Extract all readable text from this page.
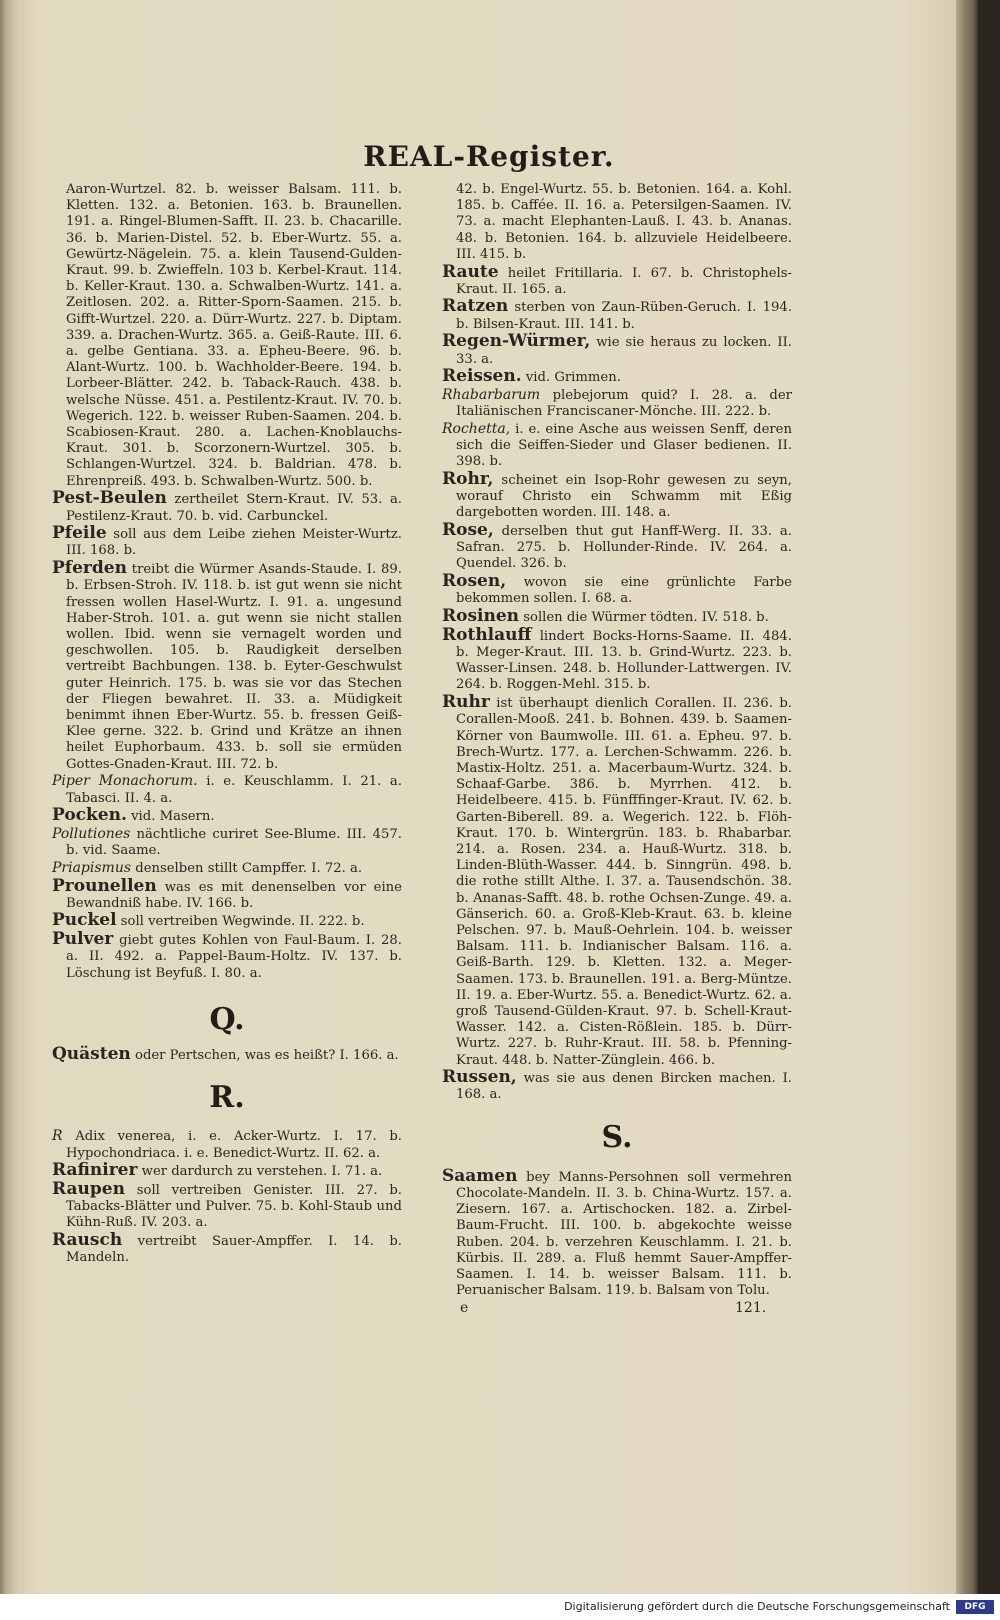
REAL-Register.
Aaron-Wurtzel. 82. b. weisser Balsam. 111. b. Kletten. 132. a. Betonien. 163. b. Braunellen. 191. a. Ringel-Blumen-Safft. II. 23. b. Chacarille. 36. b. Marien-Distel. 52. b. Eber-Wurtz. 55. a. Gewürtz-Nägelein. 75. a. klein Tausend-Gulden-Kraut. 99. b. Zwieffeln. 103 b. Kerbel-Kraut. 114. b. Keller-Kraut. 130. a. Schwalben-Wurtz. 141. a. Zeitlosen. 202. a. Ritter-Sporn-Saamen. 215. b. Gifft-Wurtzel. 220. a. Dürr-Wurtz. 227. b. Diptam. 339. a. Drachen-Wurtz. 365. a. Geiß-Raute. III. 6. a. gelbe Gentiana. 33. a. Epheu-Beere. 96. b. Alant-Wurtz. 100. b. Wachholder-Beere. 194. b. Lorbeer-Blätter. 242. b. Taback-Rauch. 438. b. welsche Nüsse. 451. a. Pestilentz-Kraut. IV. 70. b. Wegerich. 122. b. weisser Ruben-Saamen. 204. b. Scabiosen-Kraut. 280. a. Lachen-Knoblauchs-Kraut. 301. b. Scorzonern-Wurtzel. 305. b. Schlangen-Wurtzel. 324. b. Baldrian. 478. b. Ehrenpreiß. 493. b. Schwalben-Wurtz. 500. b.
Pest-Beulen zertheilet Stern-Kraut. IV. 53. a. Pestilenz-Kraut. 70. b. vid. Carbunckel.
Pfeile soll aus dem Leibe ziehen Meister-Wurtz. III. 168. b.
Pferden treibt die Würmer Asands-Staude. I. 89. b. Erbsen-Stroh. IV. 118. b. ist gut wenn sie nicht fressen wollen Hasel-Wurtz. I. 91. a. ungesund Haber-Stroh. 101. a. gut wenn sie nicht stallen wollen. Ibid. wenn sie vernagelt worden und geschwollen. 105. b. Raudigkeit derselben vertreibt Bachbungen. 138. b. Eyter-Geschwulst guter Heinrich. 175. b. was sie vor das Stechen der Fliegen bewahret. II. 33. a. Müdigkeit benimmt ihnen Eber-Wurtz. 55. b. fressen Geiß-Klee gerne. 322. b. Grind und Krätze an ihnen heilet Euphorbaum. 433. b. soll sie ermüden Gottes-Gnaden-Kraut. III. 72. b.
Piper Monachorum. i. e. Keuschlamm. I. 21. a. Tabasci. II. 4. a.
Pocken. vid. Masern.
Pollutiones nächtliche curiret See-Blume. III. 457. b. vid. Saame.
Priapismus denselben stillt Campffer. I. 72. a.
Prounellen was es mit denenselben vor eine Bewandniß habe. IV. 166. b.
Puckel soll vertreiben Wegwinde. II. 222. b.
Pulver giebt gutes Kohlen von Faul-Baum. I. 28. a. II. 492. a. Pappel-Baum-Holtz. IV. 137. b. Löschung ist Beyfuß. I. 80. a.
Q.
Quästen oder Pertschen, was es heißt? I. 166. a.
R.
R Adix venerea, i. e. Acker-Wurtz. I. 17. b. Hypochondriaca. i. e. Benedict-Wurtz. II. 62. a.
Rafinirer wer dardurch zu verstehen. I. 71. a.
Raupen soll vertreiben Genister. III. 27. b. Tabacks-Blätter und Pulver. 75. b. Kohl-Staub und Kühn-Ruß. IV. 203. a.
Rausch vertreibt Sauer-Ampffer. I. 14. b. Mandeln.
42. b. Engel-Wurtz. 55. b. Betonien. 164. a. Kohl. 185. b. Caffée. II. 16. a. Petersilgen-Saamen. IV. 73. a. macht Elephanten-Lauß. I. 43. b. Ananas. 48. b. Betonien. 164. b. allzuviele Heidelbeere. III. 415. b.
Raute heilet Fritillaria. I. 67. b. Christophels-Kraut. II. 165. a.
Ratzen sterben von Zaun-Rüben-Geruch. I. 194. b. Bilsen-Kraut. III. 141. b.
Regen-Würmer, wie sie heraus zu locken. II. 33. a.
Reissen. vid. Grimmen.
Rhabarbarum plebejorum quid? I. 28. a. der Italiänischen Franciscaner-Mönche. III. 222. b.
Rochetta, i. e. eine Asche aus weissen Senff, deren sich die Seiffen-Sieder und Glaser bedienen. II. 398. b.
Rohr, scheinet ein Isop-Rohr gewesen zu seyn, worauf Christo ein Schwamm mit Eßig dargebotten worden. III. 148. a.
Rose, derselben thut gut Hanff-Werg. II. 33. a. Safran. 275. b. Hollunder-Rinde. IV. 264. a. Quendel. 326. b.
Rosen, wovon sie eine grünlichte Farbe bekommen sollen. I. 68. a.
Rosinen sollen die Würmer tödten. IV. 518. b.
Rothlauff lindert Bocks-Horns-Saame. II. 484. b. Meger-Kraut. III. 13. b. Grind-Wurtz. 223. b. Wasser-Linsen. 248. b. Hollunder-Lattwergen. IV. 264. b. Roggen-Mehl. 315. b.
Ruhr ist überhaupt dienlich Corallen. II. 236. b. Corallen-Mooß. 241. b. Bohnen. 439. b. Saamen-Körner von Baumwolle. III. 61. a. Epheu. 97. b. Brech-Wurtz. 177. a. Lerchen-Schwamm. 226. b. Mastix-Holtz. 251. a. Macerbaum-Wurtz. 324. b. Schaaf-Garbe. 386. b. Myrrhen. 412. b. Heidelbeere. 415. b. Fünfffinger-Kraut. IV. 62. b. Garten-Biberell. 89. a. Wegerich. 122. b. Flöh-Kraut. 170. b. Wintergrün. 183. b. Rhabarbar. 214. a. Rosen. 234. a. Hauß-Wurtz. 318. b. Linden-Blüth-Wasser. 444. b. Sinngrün. 498. b. die rothe stillt Althe. I. 37. a. Tausendschön. 38. b. Ananas-Safft. 48. b. rothe Ochsen-Zunge. 49. a. Gänserich. 60. a. Groß-Kleb-Kraut. 63. b. kleine Pelschen. 97. b. Mauß-Oehrlein. 104. b. weisser Balsam. 111. b. Indianischer Balsam. 116. a. Geiß-Barth. 129. b. Kletten. 132. a. Meger-Saamen. 173. b. Braunellen. 191. a. Berg-Müntze. II. 19. a. Eber-Wurtz. 55. a. Benedict-Wurtz. 62. a. groß Tausend-Gülden-Kraut. 97. b. Schell-Kraut-Wasser. 142. a. Cisten-Rößlein. 185. b. Dürr-Wurtz. 227. b. Ruhr-Kraut. III. 58. b. Pfenning-Kraut. 448. b. Natter-Zünglein. 466. b.
Russen, was sie aus denen Bircken machen. I. 168. a.
S.
Saamen bey Manns-Persohnen soll vermehren Chocolate-Mandeln. II. 3. b. China-Wurtz. 157. a. Ziesern. 167. a. Artischocken. 182. a. Zirbel-Baum-Frucht. III. 100. b. abgekochte weisse Ruben. 204. b. verzehren Keuschlamm. I. 21. b. Kürbis. II. 289. a. Fluß hemmt Sauer-Ampffer-Saamen. I. 14. b. weisser Balsam. 111. b. Peruanischer Balsam. 119. b. Balsam von Tolu.
e	121.
Digitalisierung gefördert durch die Deutsche Forschungsgemeinschaft	DFG
